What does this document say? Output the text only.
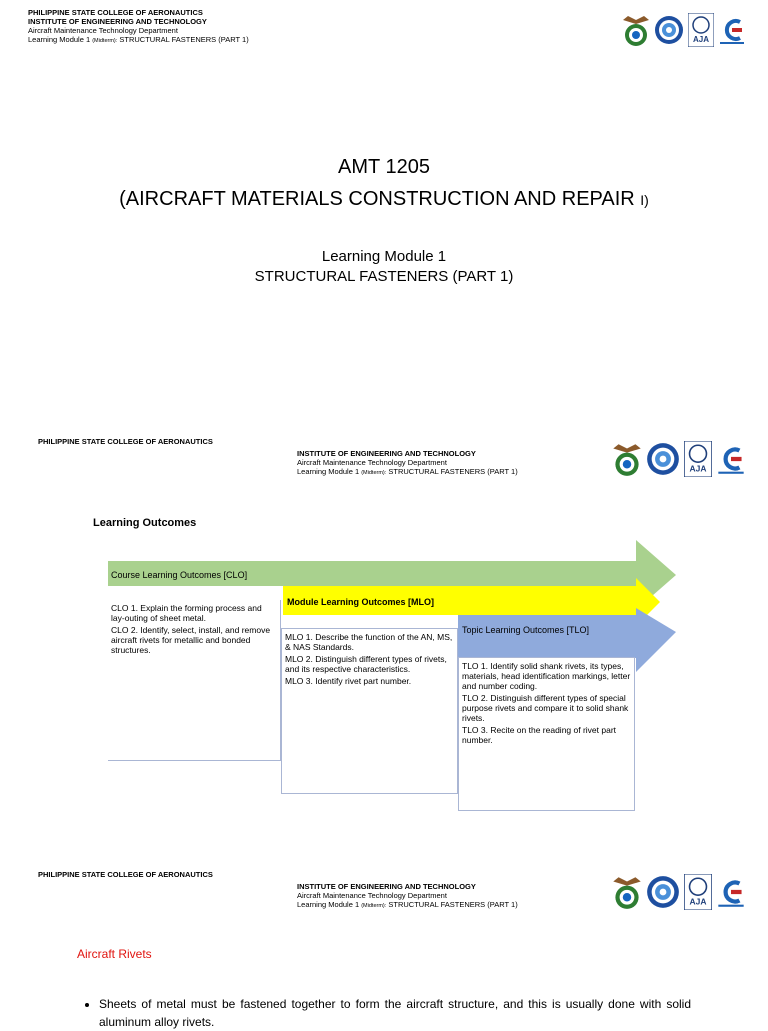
PHILIPPINE STATE COLLEGE OF AERONAUTICS
INSTITUTE OF ENGINEERING AND TECHNOLOGY
Aircraft Maintenance Technology Department
Learning Module 1 (Midterm): STRUCTURAL FASTENERS (PART 1)	AJA
AMT 1205
(AIRCRAFT MATERIALS CONSTRUCTION AND REPAIR I)
Learning Module 1
STRUCTURAL FASTENERS (PART 1)
PHILIPPINE STATE COLLEGE OF AERONAUTICS
INSTITUTE OF ENGINEERING AND TECHNOLOGY
Aircraft Maintenance Technology Department
Learning Module 1 (Midterm): STRUCTURAL FASTENERS (PART 1)	AJA
Learning Outcomes
Course Learning Outcomes [CLO]
Module Learning Outcomes [MLO]
Topic Learning Outcomes [TLO]

CLO 1. Explain the forming process and lay-outing of sheet metal.

CLO 2. Identify, select, install, and remove aircraft rivets for metallic and bonded structures.

MLO 1. Describe the function of the AN, MS, & NAS Standards.

MLO 2. Distinguish different types of rivets, and its respective characteristics.

MLO 3. Identify rivet part number.

TLO 1. Identify solid shank rivets, its types, materials, head identification markings, letter and number coding.

TLO 2. Distinguish different types of special purpose rivets and compare it to solid shank rivets.

TLO 3. Recite on the reading of rivet part number.

PHILIPPINE STATE COLLEGE OF AERONAUTICS
INSTITUTE OF ENGINEERING AND TECHNOLOGY
Aircraft Maintenance Technology Department
Learning Module 1 (Midterm): STRUCTURAL FASTENERS (PART 1)	AJA
Aircraft Rivets
• Sheets of metal must be fastened together to form the aircraft structure, and this is usually done with solid aluminum alloy rivets.
